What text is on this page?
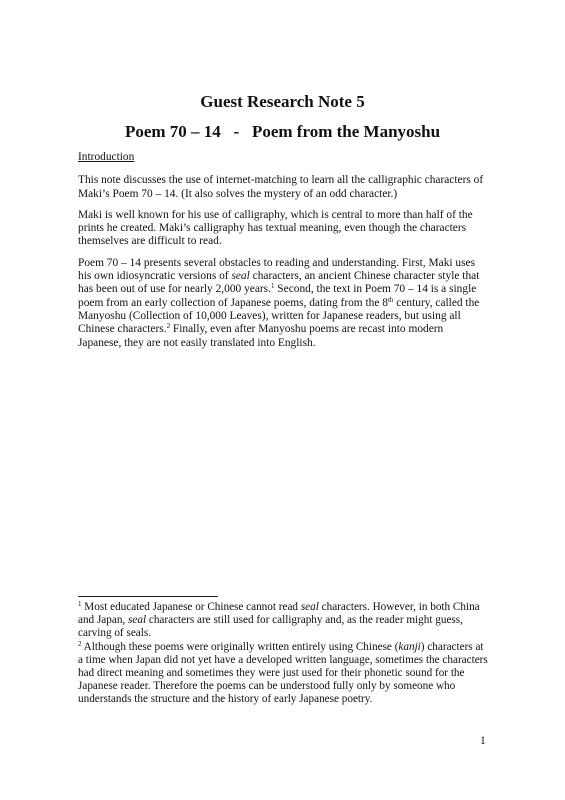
Guest Research Note 5
Poem 70 – 14   -   Poem from the Manyoshu
Introduction

This note discusses the use of internet-matching to learn all the calligraphic characters of Maki’s Poem 70 – 14. (It also solves the mystery of an odd character.)

Maki is well known for his use of calligraphy, which is central to more than half of the prints he created. Maki’s calligraphy has textual meaning, even though the characters themselves are difficult to read.

Poem 70 – 14 presents several obstacles to reading and understanding. First, Maki uses his own idiosyncratic versions of seal characters, an ancient Chinese character style that has been out of use for nearly 2,000 years.$^1$ Second, the text in Poem 70 – 14 is a single poem from an early collection of Japanese poems, dating from the 8th century, called the Manyoshu (Collection of 10,000 Leaves), written for Japanese readers, but using all Chinese characters.$^2$ Finally, even after Manyoshu poems are recast into modern Japanese, they are not easily translated into English.

$^1$ Most educated Japanese or Chinese cannot read seal characters. However, in both China and Japan, seal characters are still used for calligraphy and, as the reader might guess, carving of seals.

$^2$ Although these poems were originally written entirely using Chinese (kanji) characters at a time when Japan did not yet have a developed written language, sometimes the characters had direct meaning and sometimes they were just used for their phonetic sound for the Japanese reader. Therefore the poems can be understood fully only by someone who understands the structure and the history of early Japanese poetry.

1
